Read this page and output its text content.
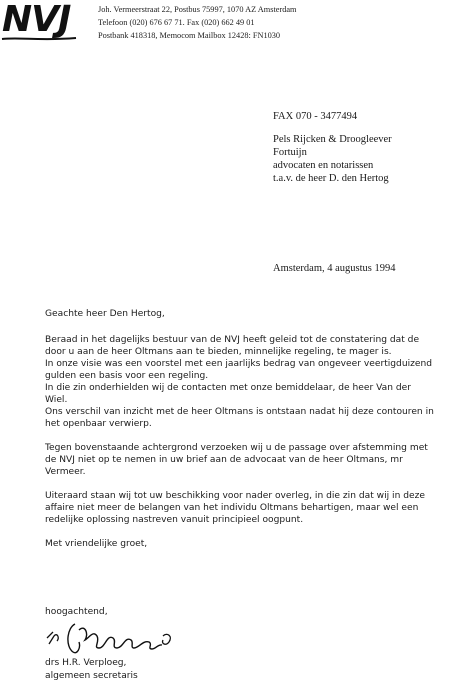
NVJ	Joh. Vermeerstraat 22, Postbus 75997, 1070 AZ Amsterdam
Telefoon (020) 676 67 71. Fax (020) 662 49 01
Postbank 418318, Memocom Mailbox 12428: FN1030
FAX 070 - 3477494
Pels Rijcken & Droogleever
Fortuijn
advocaten en notarissen
t.a.v. de heer D. den Hertog
Amsterdam, 4 augustus 1994
Geachte heer Den Hertog,
Beraad in het dagelijks bestuur van de NVJ heeft geleid tot de constatering dat de
door u aan de heer Oltmans aan te bieden, minnelijke regeling, te mager is.
In onze visie was een voorstel met een jaarlijks bedrag van ongeveer veertigduizend
gulden een basis voor een regeling.
In die zin onderhielden wij de contacten met onze bemiddelaar, de heer Van der
Wiel.
Ons verschil van inzicht met de heer Oltmans is ontstaan nadat hij deze contouren in
het openbaar verwierp.
Tegen bovenstaande achtergrond verzoeken wij u de passage over afstemming met
de NVJ niet op te nemen in uw brief aan de advocaat van de heer Oltmans, mr
Vermeer.
Uiteraard staan wij tot uw beschikking voor nader overleg, in die zin dat wij in deze
affaire niet meer de belangen van het individu Oltmans behartigen, maar wel een
redelijke oplossing nastreven vanuit principieel oogpunt.
Met vriendelijke groet,
hoogachtend,
drs H.R. Verploeg,
algemeen secretaris
